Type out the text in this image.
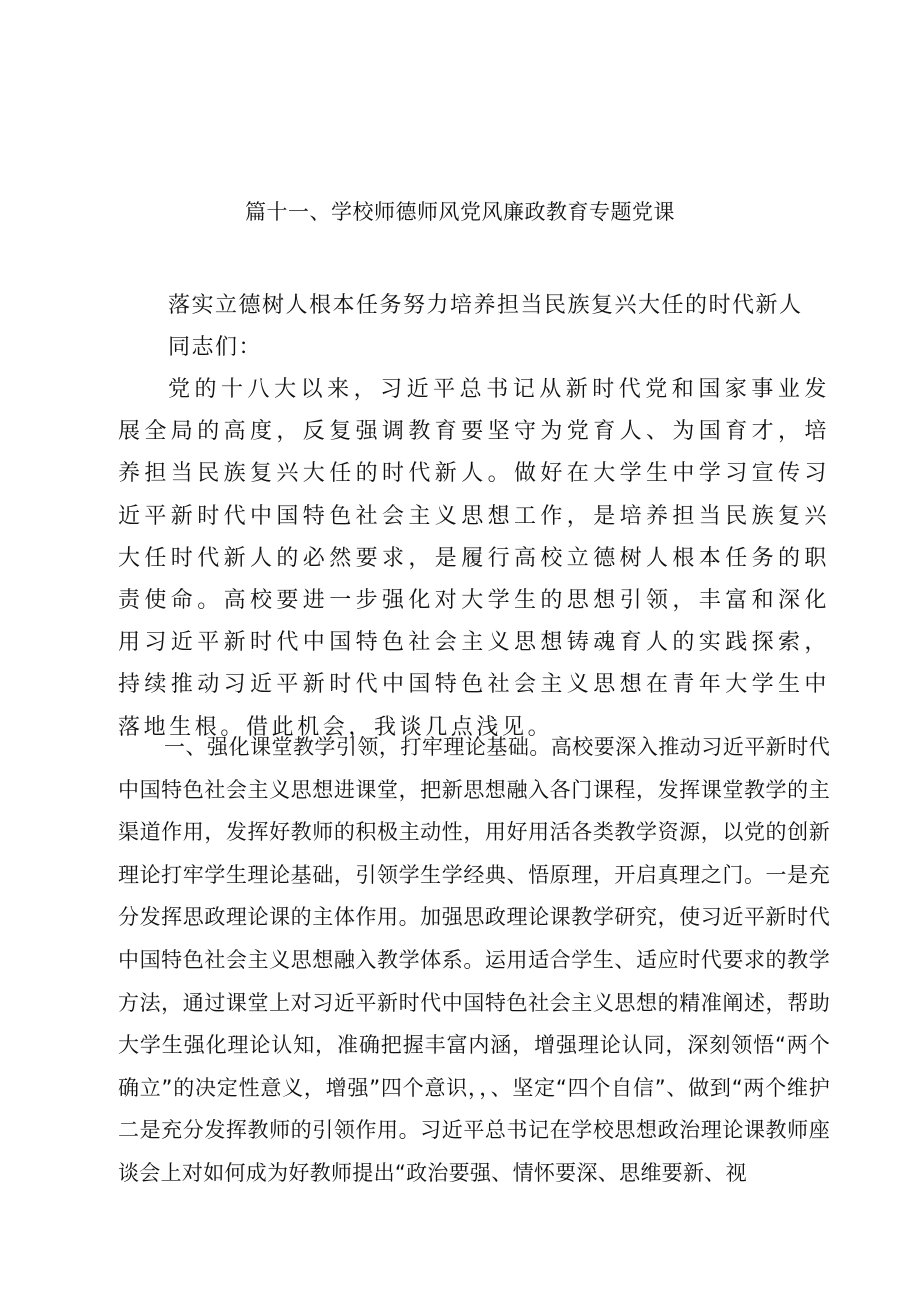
篇十一、学校师德师风党风廉政教育专题党课

落实立德树人根本任务努力培养担当民族复兴大任的时代新人

同志们：

党的十八大以来，习近平总书记从新时代党和国家事业发展全局的高度，反复强调教育要坚守为党育人、为国育才，培养担当民族复兴大任的时代新人。做好在大学生中学习宣传习近平新时代中国特色社会主义思想工作，是培养担当民族复兴大任时代新人的必然要求，是履行高校立德树人根本任务的职责使命。高校要进一步强化对大学生的思想引领，丰富和深化用习近平新时代中国特色社会主义思想铸魂育人的实践探索，持续推动习近平新时代中国特色社会主义思想在青年大学生中落地生根。借此机会，我谈几点浅见。

一、强化课堂教学引领，打牢理论基础。高校要深入推动习近平新时代中国特色社会主义思想进课堂，把新思想融入各门课程，发挥课堂教学的主渠道作用，发挥好教师的积极主动性，用好用活各类教学资源，以党的创新理论打牢学生理论基础，引领学生学经典、悟原理，开启真理之门。一是充分发挥思政理论课的主体作用。加强思政理论课教学研究，使习近平新时代中国特色社会主义思想融入教学体系。运用适合学生、适应时代要求的教学方法，通过课堂上对习近平新时代中国特色社会主义思想的精准阐述，帮助大学生强化理论认知，准确把握丰富内涵，增强理论认同，深刻领悟“两个确立”的决定性意义，增强”四个意识，，、坚定“四个自信”、做到“两个维护二是充分发挥教师的引领作用。习近平总书记在学校思想政治理论课教师座谈会上对如何成为好教师提出“政治要强、情怀要深、思维要新、视
